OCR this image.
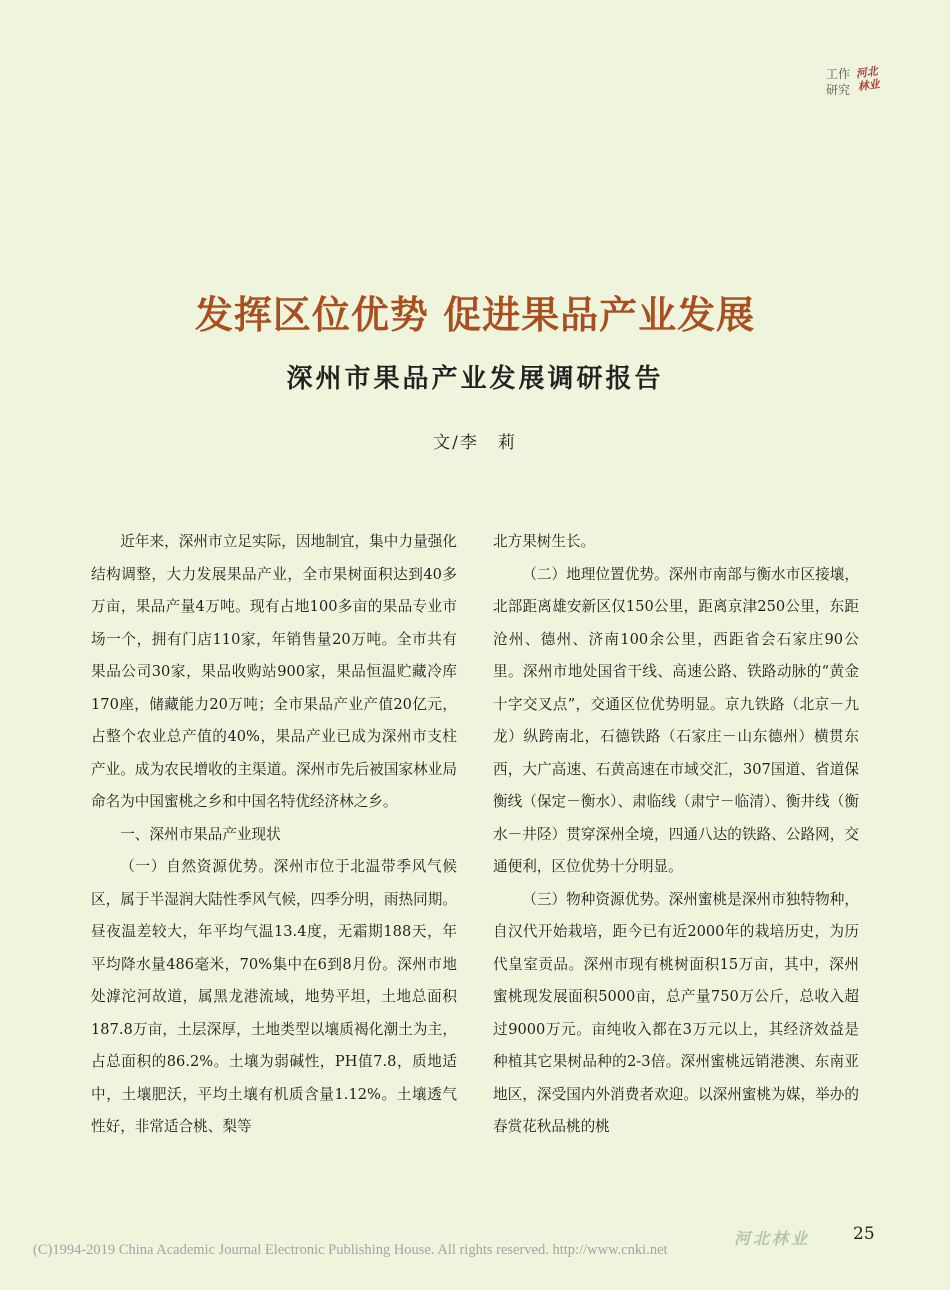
工作
研究
河北林业
发挥区位优势 促进果品产业发展
深州市果品产业发展调研报告
文/李　莉

近年来，深州市立足实际，因地制宜，集中力量强化结构调整，大力发展果品产业，全市果树面积达到40多万亩，果品产量4万吨。现有占地100多亩的果品专业市场一个，拥有门店110家，年销售量20万吨。全市共有果品公司30家，果品收购站900家，果品恒温贮藏冷库170座，储藏能力20万吨；全市果品产业产值20亿元，占整个农业总产值的40%，果品产业已成为深州市支柱产业。成为农民增收的主渠道。深州市先后被国家林业局命名为中国蜜桃之乡和中国名特优经济林之乡。

一、深州市果品产业现状

（一）自然资源优势。深州市位于北温带季风气候区，属于半湿润大陆性季风气候，四季分明，雨热同期。昼夜温差较大，年平均气温13.4度，无霜期188天，年平均降水量486毫米，70%集中在6到8月份。深州市地处滹沱河故道，属黑龙港流域，地势平坦，土地总面积187.8万亩，土层深厚，土地类型以壤质褐化潮土为主，占总面积的86.2%。土壤为弱碱性，PH值7.8，质地适中，土壤肥沃，平均土壤有机质含量1.12%。土壤透气性好，非常适合桃、梨等

北方果树生长。

（二）地理位置优势。深州市南部与衡水市区接壤，北部距离雄安新区仅150公里，距离京津250公里，东距沧州、德州、济南100余公里，西距省会石家庄90公里。深州市地处国省干线、高速公路、铁路动脉的“黄金十字交叉点”，交通区位优势明显。京九铁路（北京－九龙）纵跨南北，石德铁路（石家庄－山东德州）横贯东西，大广高速、石黄高速在市域交汇，307国道、省道保衡线（保定－衡水）、肃临线（肃宁－临清）、衡井线（衡水－井陉）贯穿深州全境，四通八达的铁路、公路网，交通便利，区位优势十分明显。

（三）物种资源优势。深州蜜桃是深州市独特物种，自汉代开始栽培，距今已有近2000年的栽培历史，为历代皇室贡品。深州市现有桃树面积15万亩，其中，深州蜜桃现发展面积5000亩，总产量750万公斤，总收入超过9000万元。亩纯收入都在3万元以上，其经济效益是种植其它果树品种的2-3倍。深州蜜桃远销港澳、东南亚地区，深受国内外消费者欢迎。以深州蜜桃为媒，举办的春赏花秋品桃的桃

河北林业	25
(C)1994-2019 China Academic Journal Electronic Publishing House. All rights reserved. http://www.cnki.net
